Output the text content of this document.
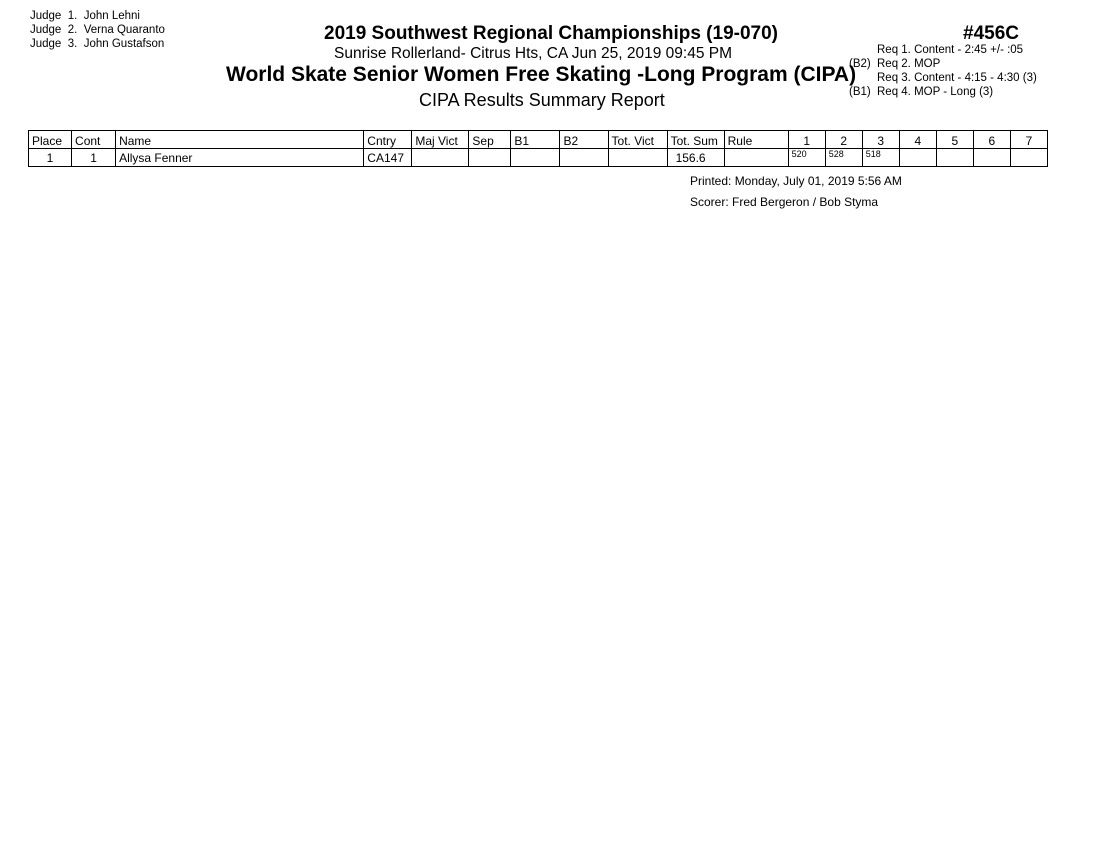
Judge 1. John Lehni
Judge 2. Verna Quaranto
Judge 3. John Gustafson	2019 Southwest Regional Championships (19-070)
Sunrise Rollerland- Citrus Hts, CA Jun 25, 2019 09:45 PM
World Skate Senior Women Free Skating -Long Program (CIPA)
CIPA Results Summary Report
#456C
Req 1. Content - 2:45 +/- :05
(B2) Req 2. MOP
Req 3. Content - 4:15 - 4:30 (3)
(B1) Req 4. MOP - Long (3)
Place	Cont	Name	Cntry	Maj Vict	Sep	B1	B2	Tot. Vict	Tot. Sum	Rule	1	2	3	4	5	6	7
1	1	Allysa Fenner	CA147						156.6		520	528	518				
Printed: Monday, July 01, 2019 5:56 AM
Scorer: Fred Bergeron / Bob Styma
